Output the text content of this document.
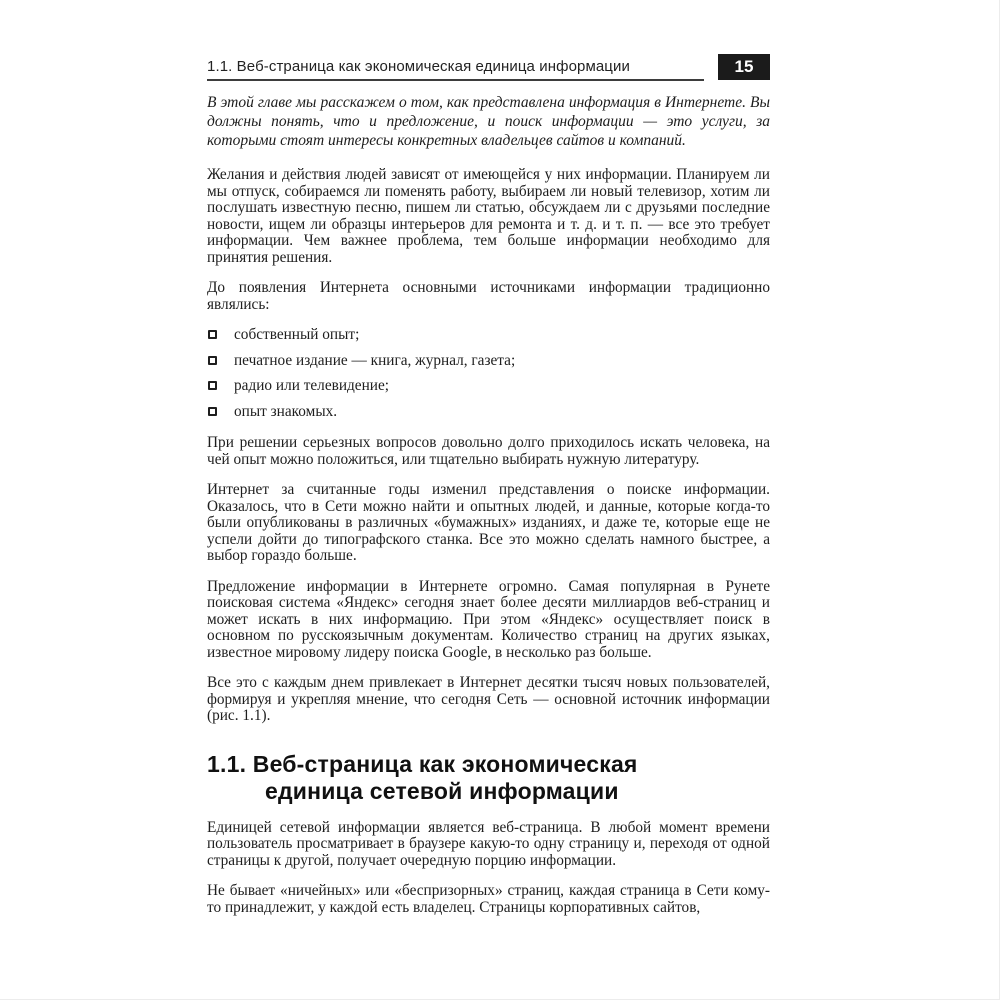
1.1. Веб-страница как экономическая единица информации	15

В этой главе мы расскажем о том, как представлена информация в Интернете. Вы должны понять, что и предложение, и поиск информации — это услуги, за которыми стоят интересы конкретных владельцев сайтов и компаний.

Желания и действия людей зависят от имеющейся у них информации. Планируем ли мы отпуск, собираемся ли поменять работу, выбираем ли новый телевизор, хотим ли послушать известную песню, пишем ли статью, обсуждаем ли с друзьями последние новости, ищем ли образцы интерьеров для ремонта и т. д. и т. п. — все это требует информации. Чем важнее проблема, тем больше информации необходимо для принятия решения.

До появления Интернета основными источниками информации традиционно являлись:

собственный опыт;
печатное издание — книга, журнал, газета;
радио или телевидение;
опыт знакомых.

При решении серьезных вопросов довольно долго приходилось искать человека, на чей опыт можно положиться, или тщательно выбирать нужную литературу.

Интернет за считанные годы изменил представления о поиске информации. Оказалось, что в Сети можно найти и опытных людей, и данные, которые когда-то были опубликованы в различных «бумажных» изданиях, и даже те, которые еще не успели дойти до типографского станка. Все это можно сделать намного быстрее, а выбор гораздо больше.

Предложение информации в Интернете огромно. Самая популярная в Рунете поисковая система «Яндекс» сегодня знает более десяти миллиардов веб-страниц и может искать в них информацию. При этом «Яндекс» осуществляет поиск в основном по русскоязычным документам. Количество страниц на других языках, известное мировому лидеру поиска Google, в несколько раз больше.

Все это с каждым днем привлекает в Интернет десятки тысяч новых пользователей, формируя и укрепляя мнение, что сегодня Сеть — основной источник информации (рис. 1.1).

1.1. Веб-страница как экономическая
единица сетевой информации

Единицей сетевой информации является веб-страница. В любой момент времени пользователь просматривает в браузере какую-то одну страницу и, переходя от одной страницы к другой, получает очередную порцию информации.

Не бывает «ничейных» или «беспризорных» страниц, каждая страница в Сети кому-то принадлежит, у каждой есть владелец. Страницы корпоративных сайтов,
